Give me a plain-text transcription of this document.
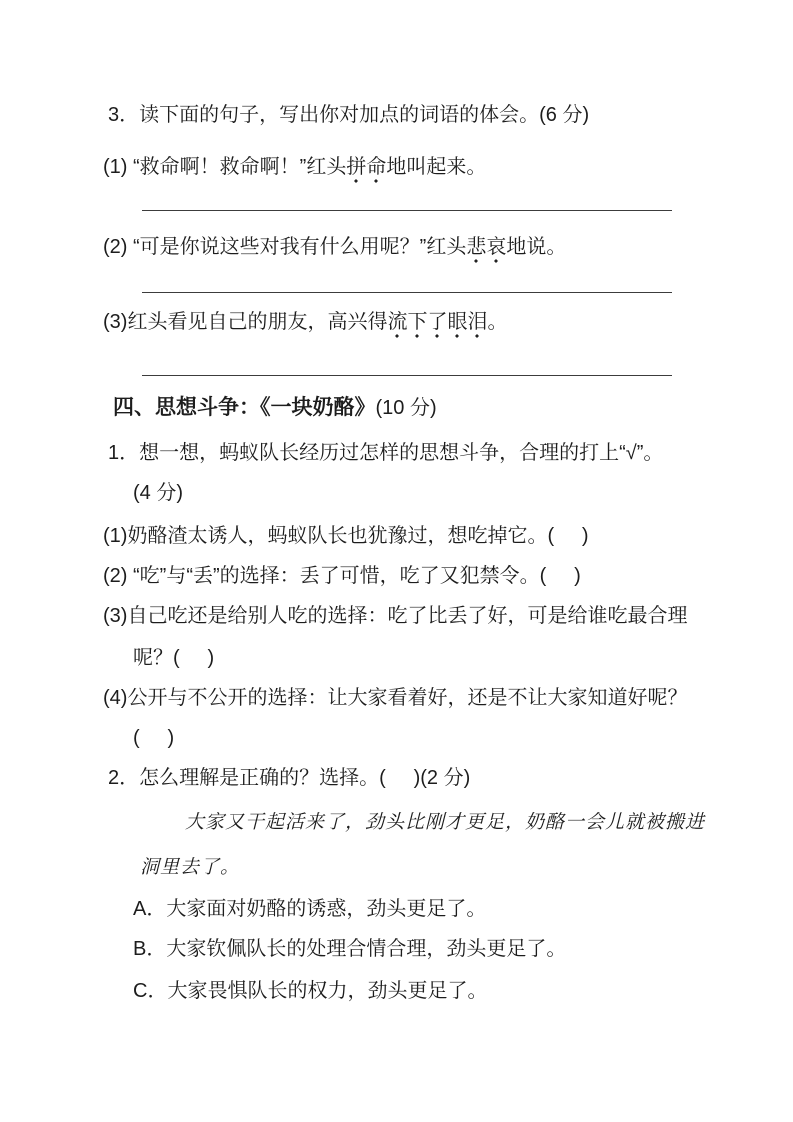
3．读下面的句子，写出你对加点的词语的体会。(6 分)

(1) “救命啊！救命啊！”红头拼命地叫起来。

(2) “可是你说这些对我有什么用呢？”红头悲哀地说。

(3)红头看见自己的朋友，高兴得流下了眼泪。

四、思想斗争：《一块奶酪》(10 分)

1．想一想，蚂蚁队长经历过怎样的思想斗争，合理的打上“√”。

(4 分)

(1)奶酪渣太诱人，蚂蚁队长也犹豫过，想吃掉它。(     )

(2) “吃”与“丢”的选择：丢了可惜，吃了又犯禁令。(     )

(3)自己吃还是给别人吃的选择：吃了比丢了好，可是给谁吃最合理

呢？(     )

(4)公开与不公开的选择：让大家看着好，还是不让大家知道好呢？

(     )

2．怎么理解是正确的？选择。(     )(2 分)

大家又干起活来了，劲头比刚才更足，奶酪一会儿就被搬进

洞里去了。

A．大家面对奶酪的诱惑，劲头更足了。

B．大家钦佩队长的处理合情合理，劲头更足了。

C．大家畏惧队长的权力，劲头更足了。
